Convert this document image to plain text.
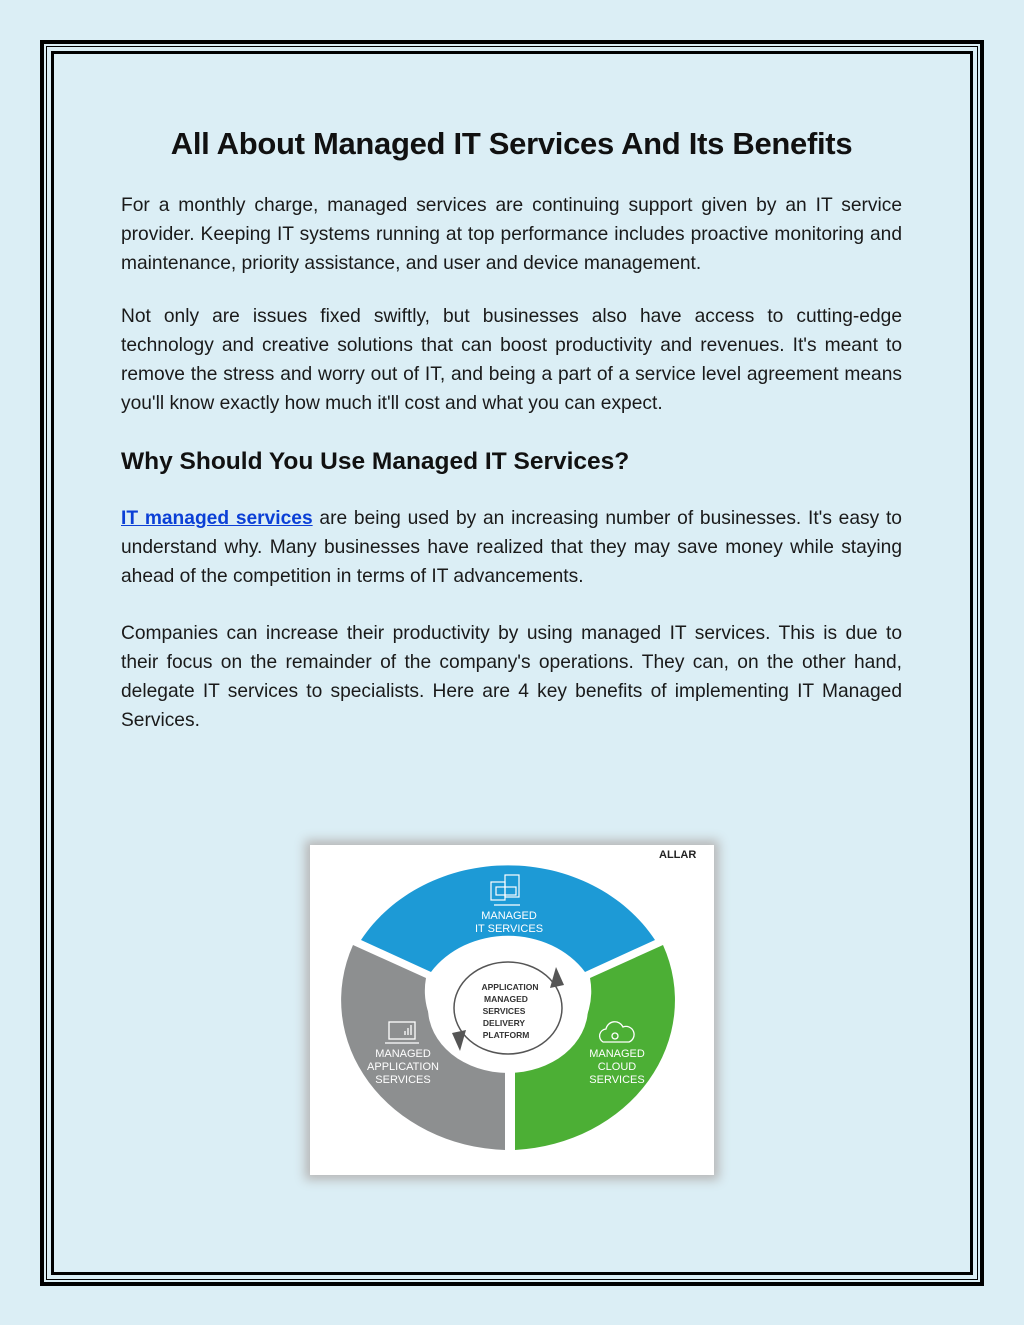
All About Managed IT Services And Its Benefits

For a monthly charge, managed services are continuing support given by an IT service provider. Keeping IT systems running at top performance includes proactive monitoring and maintenance, priority assistance, and user and device management.

Not only are issues fixed swiftly, but businesses also have access to cutting-edge technology and creative solutions that can boost productivity and revenues. It's meant to remove the stress and worry out of IT, and being a part of a service level agreement means you'll know exactly how much it'll cost and what you can expect.

Why Should You Use Managed IT Services?

IT managed services are being used by an increasing number of businesses. It's easy to understand why. Many businesses have realized that they may save money while staying ahead of the competition in terms of IT advancements.

Companies can increase their productivity by using managed IT services. This is due to their focus on the remainder of the company's operations. They can, on the other hand, delegate IT services to specialists. Here are 4 key benefits of implementing IT Managed Services.

ALLAR
APPLICATION
MANAGED
SERVICES
DELIVERY
PLATFORM
MANAGED
IT SERVICES
MANAGED
APPLICATION
SERVICES
MANAGED
CLOUD
SERVICES
